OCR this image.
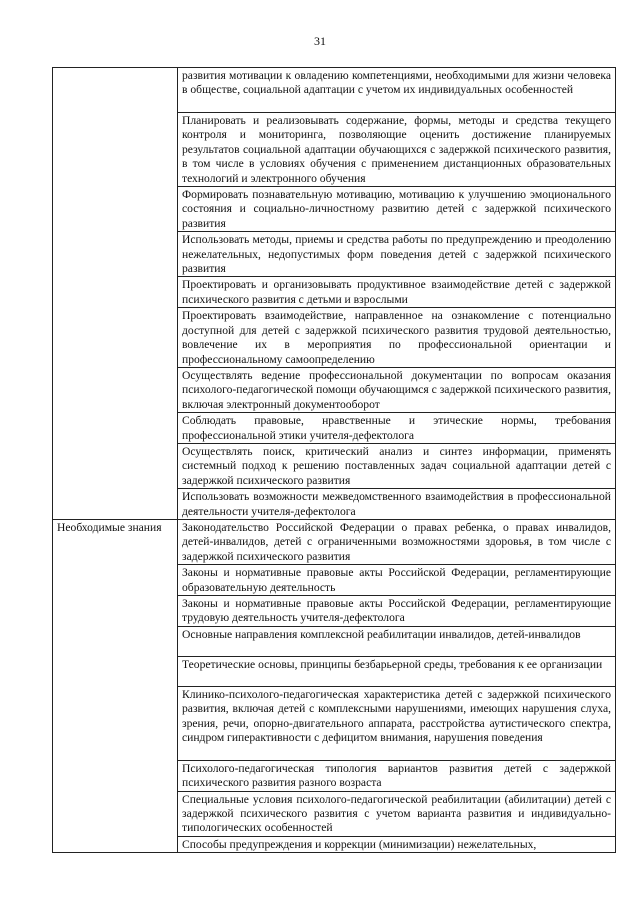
31
	развития мотивации к овладению компетенциями, необходимыми для жизни человека в обществе, социальной адаптации с учетом их индивидуальных особенностей
	Планировать и реализовывать содержание, формы, методы и средства текущего контроля и мониторинга, позволяющие оценить достижение планируемых результатов социальной адаптации обучающихся с задержкой психического развития, в том числе в условиях обучения с применением дистанционных образовательных технологий и электронного обучения
	Формировать познавательную мотивацию, мотивацию к улучшению эмоционального состояния и социально-личностному развитию детей с задержкой психического развития
	Использовать методы, приемы и средства работы по предупреждению и преодолению нежелательных, недопустимых форм поведения детей с задержкой психического развития
	Проектировать и организовывать продуктивное взаимодействие детей с задержкой психического развития с детьми и взрослыми
	Проектировать взаимодействие, направленное на ознакомление с потенциально доступной для детей с задержкой психического развития трудовой деятельностью, вовлечение их в мероприятия по профессиональной ориентации и профессиональному самоопределению
	Осуществлять ведение профессиональной документации по вопросам оказания психолого-педагогической помощи обучающимся с задержкой психического развития, включая электронный документооборот
	Соблюдать правовые, нравственные и этические нормы, требования профессиональной этики учителя-дефектолога
	Осуществлять поиск, критический анализ и синтез информации, применять системный подход к решению поставленных задач социальной адаптации детей с задержкой психического развития
	Использовать возможности межведомственного взаимодействия в профессиональной деятельности учителя-дефектолога
Необходимые знания	Законодательство Российской Федерации о правах ребенка, о правах инвалидов, детей-инвалидов, детей с ограниченными возможностями здоровья, в том числе с задержкой психического развития
	Законы и нормативные правовые акты Российской Федерации, регламентирующие образовательную деятельность
	Законы и нормативные правовые акты Российской Федерации, регламентирующие трудовую деятельность учителя-дефектолога
	Основные направления комплексной реабилитации инвалидов, детей-инвалидов
	Теоретические основы, принципы безбарьерной среды, требования к ее организации
	Клинико-психолого-педагогическая характеристика детей с задержкой психического развития, включая детей с комплексными нарушениями, имеющих нарушения слуха, зрения, речи, опорно-двигательного аппарата, расстройства аутистического спектра, синдром гиперактивности с дефицитом внимания, нарушения поведения
	Психолого-педагогическая типология вариантов развития детей с задержкой психического развития разного возраста
	Специальные условия психолого-педагогической реабилитации (абилитации) детей с задержкой психического развития с учетом варианта развития и индивидуально-типологических особенностей
	Способы предупреждения и коррекции (минимизации) нежелательных,
